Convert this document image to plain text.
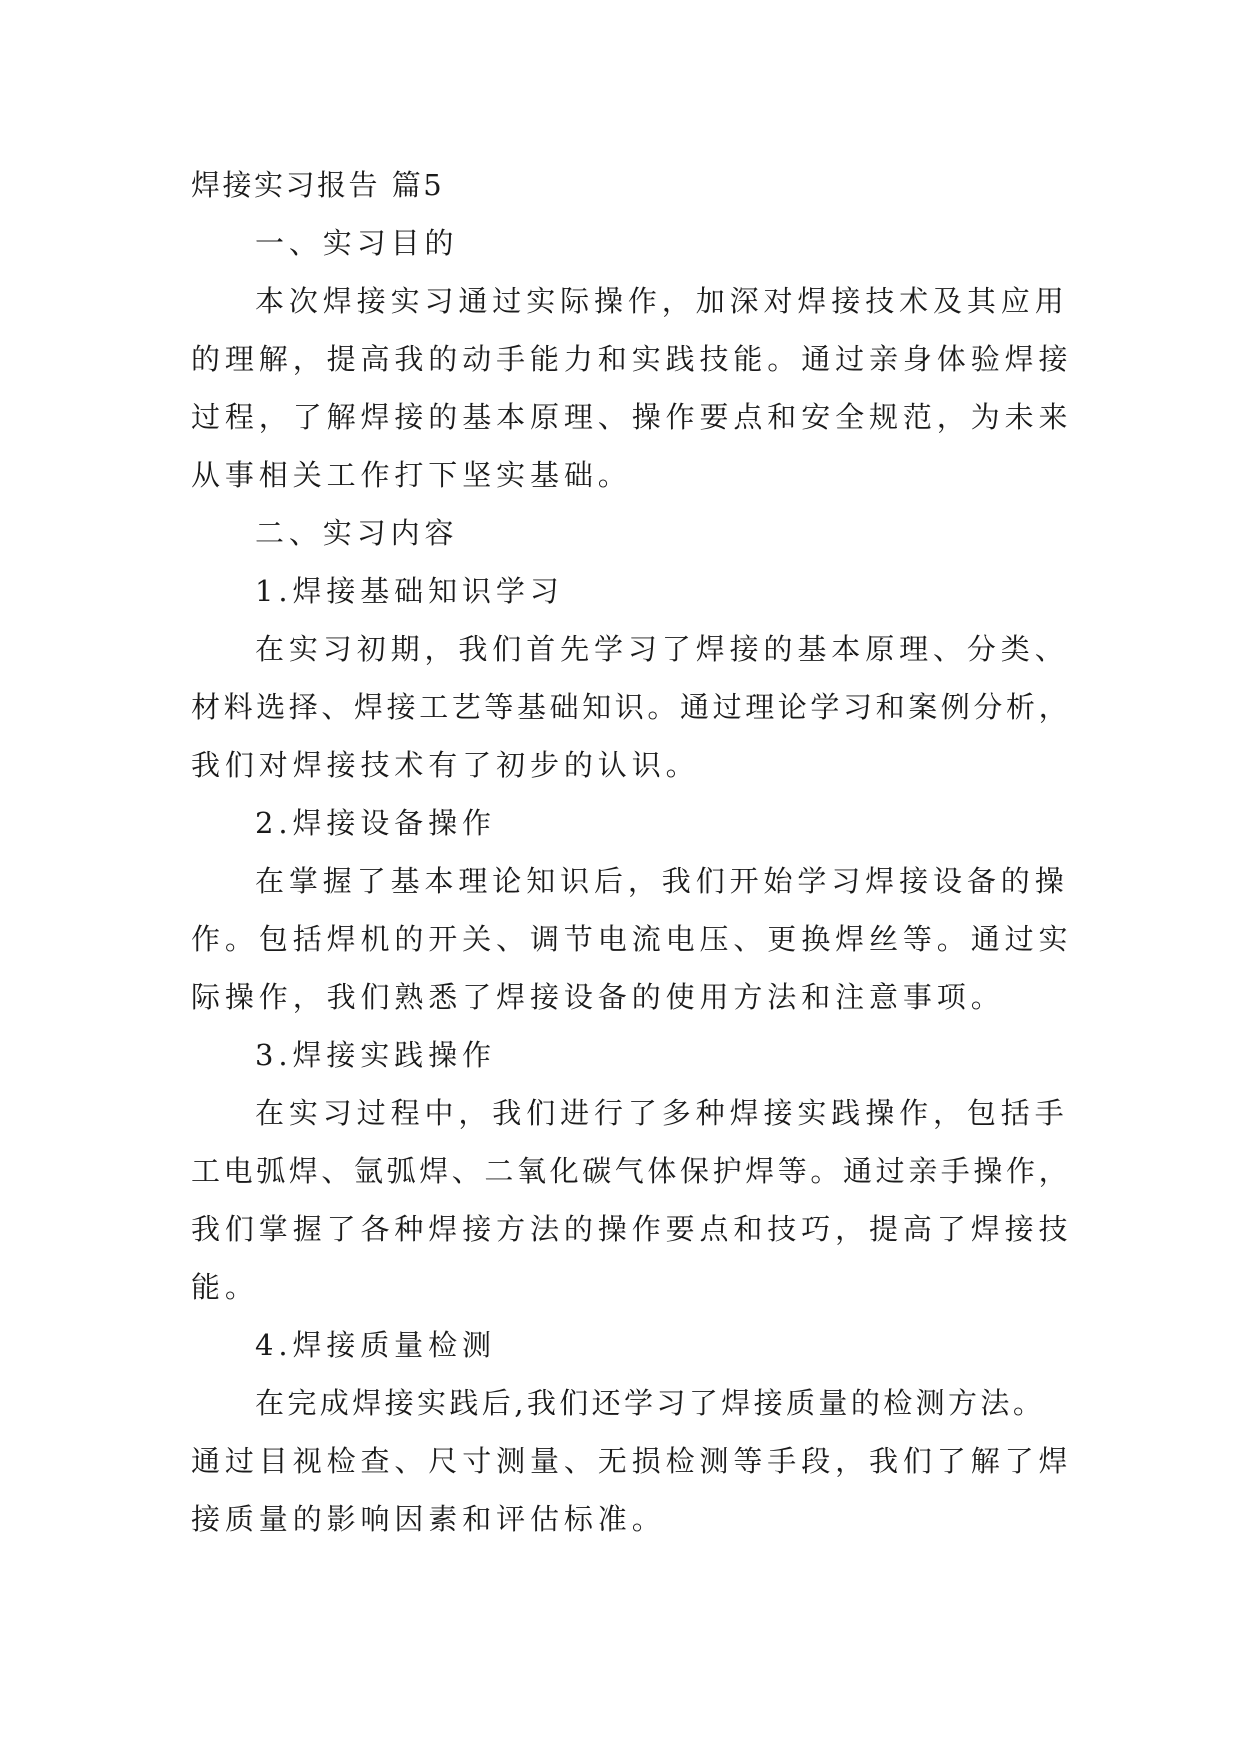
焊接实习报告 篇5
一、实习目的
本次焊接实习通过实际操作，加深对焊接技术及其应用
的理解，提高我的动手能力和实践技能。通过亲身体验焊接
过程，了解焊接的基本原理、操作要点和安全规范，为未来
从事相关工作打下坚实基础。
二、实习内容
1.焊接基础知识学习
在实习初期，我们首先学习了焊接的基本原理、分类、
材料选择、焊接工艺等基础知识。通过理论学习和案例分析，
我们对焊接技术有了初步的认识。
2.焊接设备操作
在掌握了基本理论知识后，我们开始学习焊接设备的操
作。包括焊机的开关、调节电流电压、更换焊丝等。通过实
际操作，我们熟悉了焊接设备的使用方法和注意事项。
3.焊接实践操作
在实习过程中，我们进行了多种焊接实践操作，包括手
工电弧焊、氩弧焊、二氧化碳气体保护焊等。通过亲手操作，
我们掌握了各种焊接方法的操作要点和技巧，提高了焊接技
能。
4.焊接质量检测
在完成焊接实践后,我们还学习了焊接质量的检测方法。
通过目视检查、尺寸测量、无损检测等手段，我们了解了焊
接质量的影响因素和评估标准。
